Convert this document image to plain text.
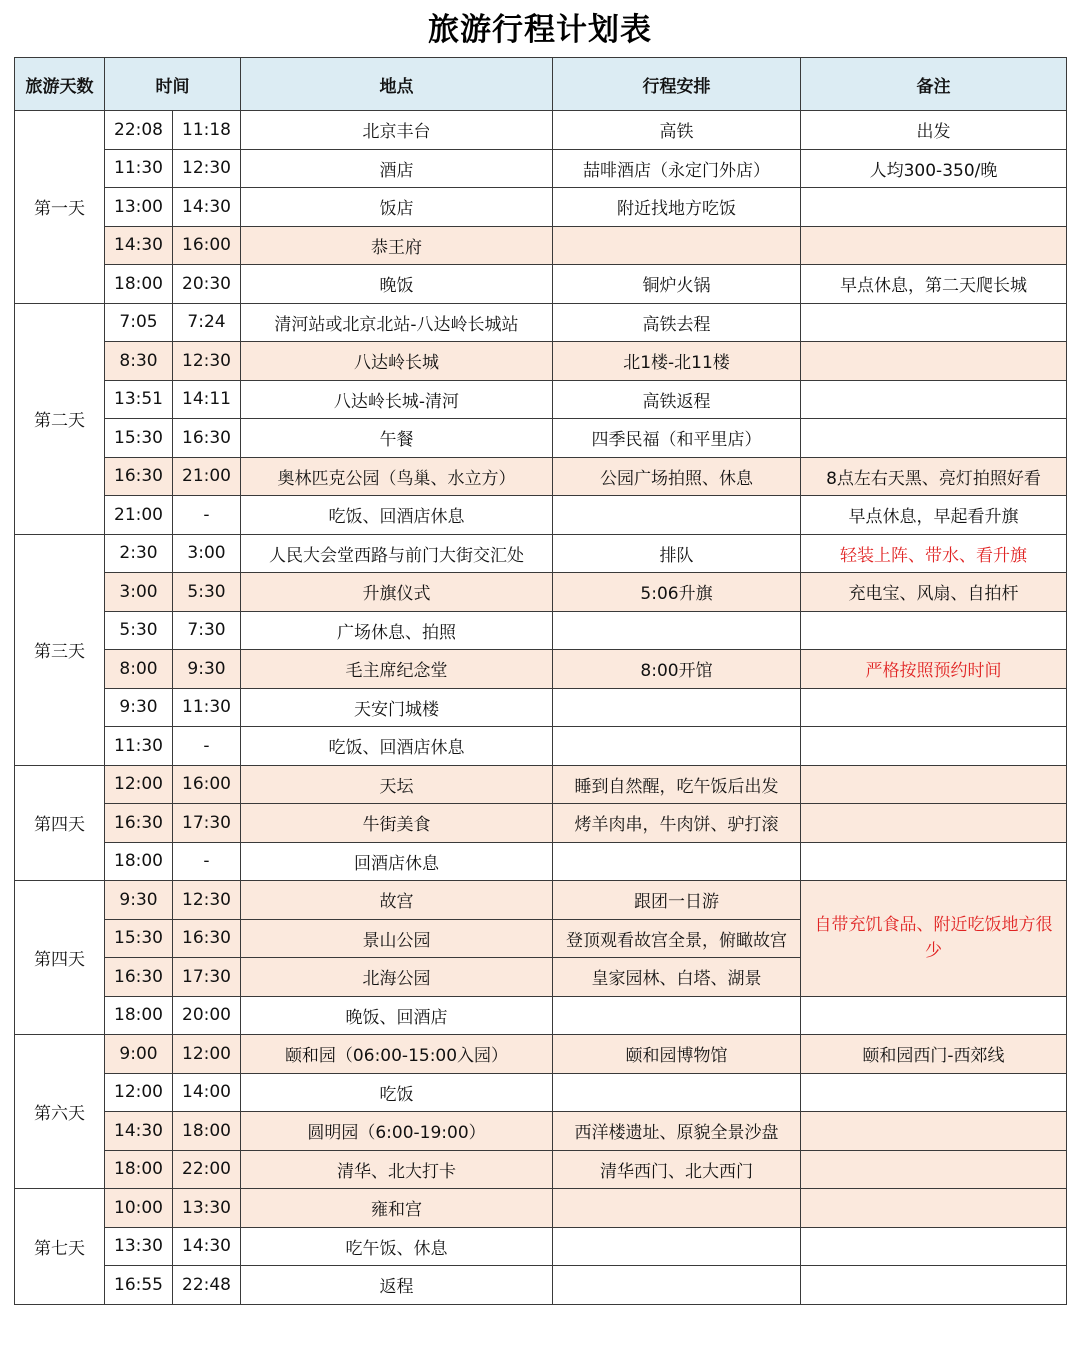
旅游行程计划表
旅游天数	时间		地点	行程安排	备注
第一天	22:08	11:18	北京丰台	高铁	出发
	11:30	12:30	酒店	喆啡酒店（永定门外店）	人均300-350/晚
	13:00	14:30	饭店	附近找地方吃饭	
	14:30	16:00	恭王府		
	18:00	20:30	晚饭	铜炉火锅	早点休息，第二天爬长城
第二天	7:05	7:24	清河站或北京北站-八达岭长城站	高铁去程	
	8:30	12:30	八达岭长城	北1楼-北11楼	
	13:51	14:11	八达岭长城-清河	高铁返程	
	15:30	16:30	午餐	四季民福（和平里店）	
	16:30	21:00	奥林匹克公园（鸟巢、水立方）	公园广场拍照、休息	8点左右天黑、亮灯拍照好看
	21:00	-	吃饭、回酒店休息		早点休息，早起看升旗
第三天	2:30	3:00	人民大会堂西路与前门大街交汇处	排队	轻装上阵、带水、看升旗
	3:00	5:30	升旗仪式	5:06升旗	充电宝、风扇、自拍杆
	5:30	7:30	广场休息、拍照		
	8:00	9:30	毛主席纪念堂	8:00开馆	严格按照预约时间
	9:30	11:30	天安门城楼		
	11:30	-	吃饭、回酒店休息		
第四天	12:00	16:00	天坛	睡到自然醒，吃午饭后出发	
	16:30	17:30	牛街美食	烤羊肉串，牛肉饼、驴打滚	
	18:00	-	回酒店休息		
第四天	9:30	12:30	故宫	跟团一日游	自带充饥食品、附近吃饭地方很少
	15:30	16:30	景山公园	登顶观看故宫全景，俯瞰故宫	
	16:30	17:30	北海公园	皇家园林、白塔、湖景	
	18:00	20:00	晚饭、回酒店		
第六天	9:00	12:00	颐和园（06:00-15:00入园）	颐和园博物馆	颐和园西门-西郊线
	12:00	14:00	吃饭		
	14:30	18:00	圆明园（6:00-19:00）	西洋楼遗址、原貌全景沙盘	
	18:00	22:00	清华、北大打卡	清华西门、北大西门	
第七天	10:00	13:30	雍和宫		
	13:30	14:30	吃午饭、休息		
	16:55	22:48	返程		
